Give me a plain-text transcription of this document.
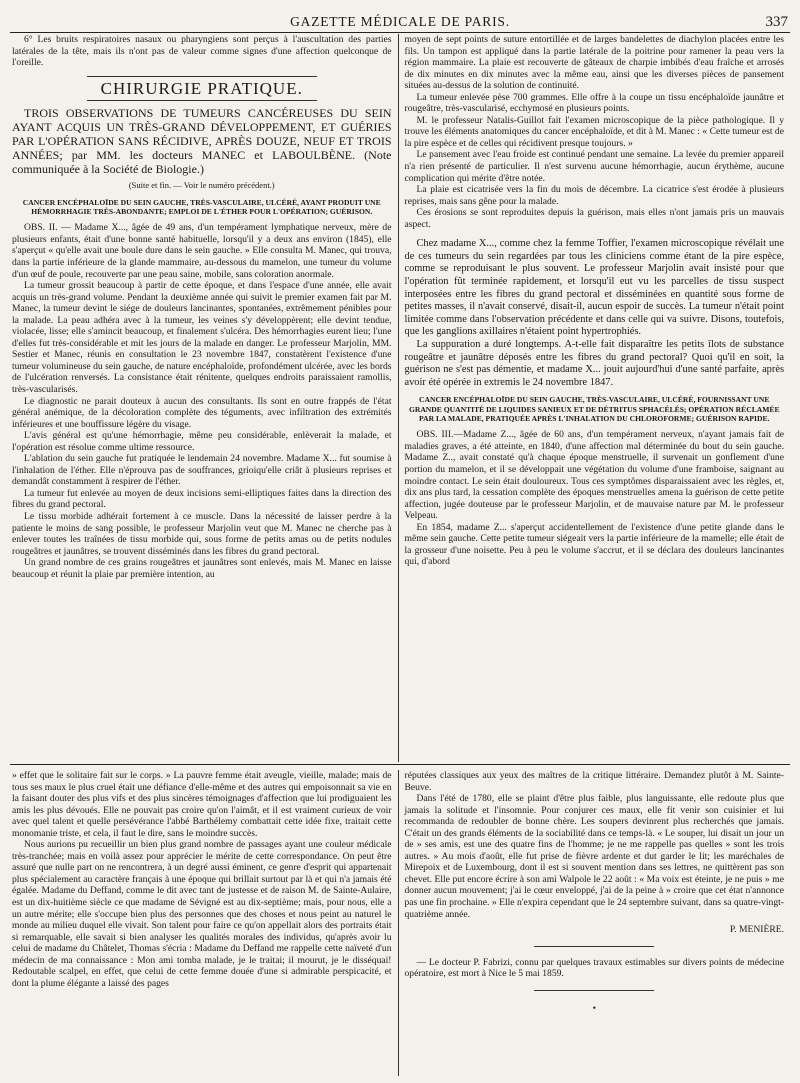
GAZETTE MÉDICALE DE PARIS.	337

6° Les bruits respiratoires nasaux ou pharyngiens sont perçus à l'auscultation des parties latérales de la tête, mais ils n'ont pas de valeur comme signes d'une affection quelconque de l'oreille.

CHIRURGIE PRATIQUE.

TROIS OBSERVATIONS DE TUMEURS CANCÉREUSES DU SEIN AYANT ACQUIS UN TRÈS-GRAND DÉVELOPPEMENT, ET GUÉRIES PAR L'OPÉRATION SANS RÉCIDIVE, APRÈS DOUZE, NEUF ET TROIS ANNÉES; par MM. les docteurs MANEC et LABOULBÈNE. (Note communiquée à la Société de Biologie.)

(Suite et fin. — Voir le numéro précédent.)
CANCER ENCÉPHALOÏDE DU SEIN GAUCHE, TRÈS-VASCULAIRE, ULCÉRÉ, AYANT PRODUIT UNE HÉMORRHAGIE TRÈS-ABONDANTE; EMPLOI DE L'ÉTHER POUR L'OPÉRATION; GUÉRISON.

OBS. II. — Madame X..., âgée de 49 ans, d'un tempérament lymphatique nerveux, mère de plusieurs enfants, était d'une bonne santé habituelle, lorsqu'il y a deux ans environ (1845), elle s'aperçut « qu'elle avait une boule dure dans le sein gauche. » Elle consulta M. Manec, qui trouva, dans la partie inférieure de la glande mammaire, au-dessous du mamelon, une tumeur du volume d'un œuf de poule, recouverte par une peau saine, mobile, sans coloration anormale.

La tumeur grossit beaucoup à partir de cette époque, et dans l'espace d'une année, elle avait acquis un très-grand volume. Pendant la deuxième année qui suivit le premier examen fait par M. Manec, la tumeur devint le siége de douleurs lancinantes, spontanées, extrêmement pénibles pour la malade. La peau adhéra avec à la tumeur, les veines s'y développèrent; elle devint tendue, violacée, lisse; elle s'amincit beaucoup, et finalement s'ulcéra. Des hémorrhagies eurent lieu; l'une d'elles fut très-considérable et mit les jours de la malade en danger. Le professeur Marjolin, MM. Sestier et Manec, réunis en consultation le 23 novembre 1847, constatèrent l'existence d'une tumeur volumineuse du sein gauche, de nature encéphaloïde, profondément ulcérée, avec les bords de l'ulcération renversés. La consistance était rénitente, quelques endroits paraissaient ramollis, très-vascularisés.

Le diagnostic ne parait douteux à aucun des consultants. Ils sont en outre frappés de l'état général anémique, de la décoloration complète des téguments, avec infiltration des extrémités inférieures et une bouffissure légère du visage.

L'avis général est qu'une hémorrhagie, même peu considérable, enlèverait la malade, et l'opération est résolue comme ultime ressource.

L'ablation du sein gauche fut pratiquée le lendemain 24 novembre. Madame X... fut soumise à l'inhalation de l'éther. Elle n'éprouva pas de souffrances, grioiqu'elle criât à plusieurs reprises et demandât constamment à respirer de l'éther.

La tumeur fut enlevée au moyen de deux incisions semi-elliptiques faites dans la direction des fibres du grand pectoral.

Le tissu morbide adhérait fortement à ce muscle. Dans la nécessité de laisser perdre à la patiente le moins de sang possible, le professeur Marjolin veut que M. Manec ne cherche pas à enlever toutes les traînées de tissu morbide qui, sous forme de petits amas ou de petits nodules rougeâtres et jaunâtres, se trouvent disséminés dans les fibres du grand pectoral.

Un grand nombre de ces grains rougeâtres et jaunâtres sont enlevés, mais M. Manec en laisse beaucoup et réunit la plaie par première intention, au

moyen de sept points de suture entortillée et de larges bandelettes de diachylon placées entre les fils. Un tampon est appliqué dans la partie latérale de la poitrine pour ramener la peau vers la région mammaire. La plaie est recouverte de gâteaux de charpie imbibés d'eau fraîche et arrosés de dix minutes en dix minutes avec la même eau, ainsi que les diverses pièces de pansement situées au-dessus de la solution de continuité.

La tumeur enlevée pèse 700 grammes. Elle offre à la coupe un tissu encéphaloïde jaunâtre et rougeâtre, très-vascularisé, ecchymosé en plusieurs points.

M. le professeur Natalis-Guillot fait l'examen microscopique de la pièce pathologique. Il y trouve les éléments anatomiques du cancer encéphaloïde, et dit à M. Manec : « Cette tumeur est de la pire espèce et de celles qui récidivent presque toujours. »

Le pansement avec l'eau froide est continué pendant une semaine. La levée du premier appareil n'a rien présenté de particulier. Il n'est survenu aucune hémorrhagie, aucun érythème, aucune complication qui mérite d'être notée.

La plaie est cicatrisée vers la fin du mois de décembre. La cicatrice s'est érodée à plusieurs reprises, mais sans gêne pour la malade.

Ces érosions se sont reproduites depuis la guérison, mais elles n'ont jamais pris un mauvais aspect.

Chez madame X..., comme chez la femme Toffier, l'examen microscopique révélait une de ces tumeurs du sein regardées par tous les cliniciens comme étant de la pire espèce, comme se reproduisant le plus souvent. Le professeur Marjolin avait insisté pour que l'opération fût terminée rapidement, et lorsqu'il eut vu les parcelles de tissu suspect interposées entre les fibres du grand pectoral et disséminées en quantité sous forme de petites masses, il n'avait conservé, disait-il, aucun espoir de succès. La tumeur n'était point limitée comme dans l'observation précédente et dans celle qui va suivre. Disons, toutefois, que les ganglions axillaires n'étaient point hypertrophiés.

La suppuration a duré longtemps. A-t-elle fait disparaître les petits îlots de substance rougeâtre et jaunâtre déposés entre les fibres du grand pectoral? Quoi qu'il en soit, la guérison ne s'est pas démentie, et madame X... jouit aujourd'hui d'une santé parfaite, après avoir été opérée in extremis le 24 novembre 1847.

CANCER ENCÉPHALOÏDE DU SEIN GAUCHE, TRÈS-VASCULAIRE, ULCÉRÉ, FOURNISSANT UNE GRANDE QUANTITÉ DE LIQUIDES SANIEUX ET DE DÉTRITUS SPHACÉLÉS; OPÉRATION RÉCLAMÉE PAR LA MALADE, PRATIQUÉE APRÈS L'INHALATION DU CHLOROFORME; GUÉRISON RAPIDE.

OBS. III.—Madame Z..., âgée de 60 ans, d'un tempérament nerveux, n'ayant jamais fait de maladies graves, a été atteinte, en 1840, d'une affection mal déterminée du bout du sein gauche. Madame Z.., avait constaté qu'à chaque époque menstruelle, il survenait un gonflement d'une portion du mamelon, et il se développait une végétation du volume d'une framboise, saignant au moindre contact. Le sein était douloureux. Tous ces symptômes disparaissaient avec les règles, et, dix ans plus tard, la cessation complète des époques menstruelles amena la guérison de cette petite affection, jugée douteuse par le professeur Marjolin, et de mauvaise nature par M. le professeur Velpeau.

En 1854, madame Z... s'aperçut accidentellement de l'existence d'une petite glande dans le même sein gauche. Cette petite tumeur siégeait vers la partie inférieure de la mamelle; elle était de la grosseur d'une noisette. Peu à peu le volume s'accrut, et il se déclara des douleurs lancinantes qui, d'abord

» effet que le solitaire fait sur le corps. » La pauvre femme était aveugle, vieille, malade; mais de tous ses maux le plus cruel était une défiance d'elle-même et des autres qui empoisonnait sa vie en la faisant douter des plus vifs et des plus sincères témoignages d'affection que lui prodiguaient les amis les plus dévoués. Elle ne pouvait pas croire qu'on l'aimât, et il est vraiment curieux de voir avec quel talent et quelle persévérance l'abbé Barthélemy combattait cette idée fixe, traitait cette monomanie triste, et cela, il faut le dire, sans le moindre succès.

Nous aurions pu recueillir un bien plus grand nombre de passages ayant une couleur médicale très-tranchée; mais en voilà assez pour apprécier le mérite de cette correspondance. On peut être assuré que nulle part on ne rencontrera, à un degré aussi éminent, ce genre d'esprit qui appartenait plus spécialement au caractère français à une époque qui brillait surtout par là et qui n'a jamais été égalée. Madame du Deffand, comme le dit avec tant de justesse et de raison M. de Sainte-Aulaire, est un dix-huitième siècle ce que madame de Sévigné est au dix-septième; mais, pour nous, elle a un autre mérite; elle s'occupe bien plus des personnes que des choses et nous peint au naturel le monde au milieu duquel elle vivait. Son talent pour faire ce qu'on appellait alors des portraits était si remarquable, elle savait si bien analyser les qualités morales des individus, qu'après avoir lu celui de madame du Châtelet, Thomas s'écria : Madame du Deffand me rappelle cette naïveté d'un médecin de ma connaissance : Mon ami tomba malade, je le traitai; il mourut, je le disséquai! Redoutable scalpel, en effet, que celui de cette femme douée d'une si admirable perspicacité, et dont la plume élégante a laissé des pages

réputées classiques aux yeux des maîtres de la critique littéraire. Demandez plutôt à M. Sainte-Beuve.

Dans l'été de 1780, elle se plaint d'être plus faible, plus languissante, elle redoute plus que jamais la solitude et l'insomnie. Pour conjurer ces maux, elle fit venir son cuisinier et lui recommanda de redoubler de bonne chère. Les soupers devinrent plus recherchés que jamais. C'était un des grands éléments de la sociabilité dans ce temps-là. « Le souper, lui disait un jour un de » ses amis, est une des quatre fins de l'homme; je ne me rappelle pas quelles » sont les trois autres. » Au mois d'août, elle fut prise de fièvre ardente et dut garder le lit; les maréchales de Mirepoix et de Luxembourg, dont il est si souvent mention dans ses lettres, ne quittèrent pas son chevet. Elle put encore écrire à son ami Walpole le 22 août : « Ma voix est éteinte, je ne puis » me donner aucun mouvement; j'ai le cœur enveloppé, j'ai de la peine à » croire que cet état n'annonce pas une fin prochaine. » Elle n'expira cependant que le 24 septembre suivant, dans sa quatre-vingt-quatrième année.

P. MENIÈRE.

— Le docteur P. Fabrizi, connu par quelques travaux estimables sur divers points de médecine opératoire, est mort à Nice le 5 mai 1859.

•
